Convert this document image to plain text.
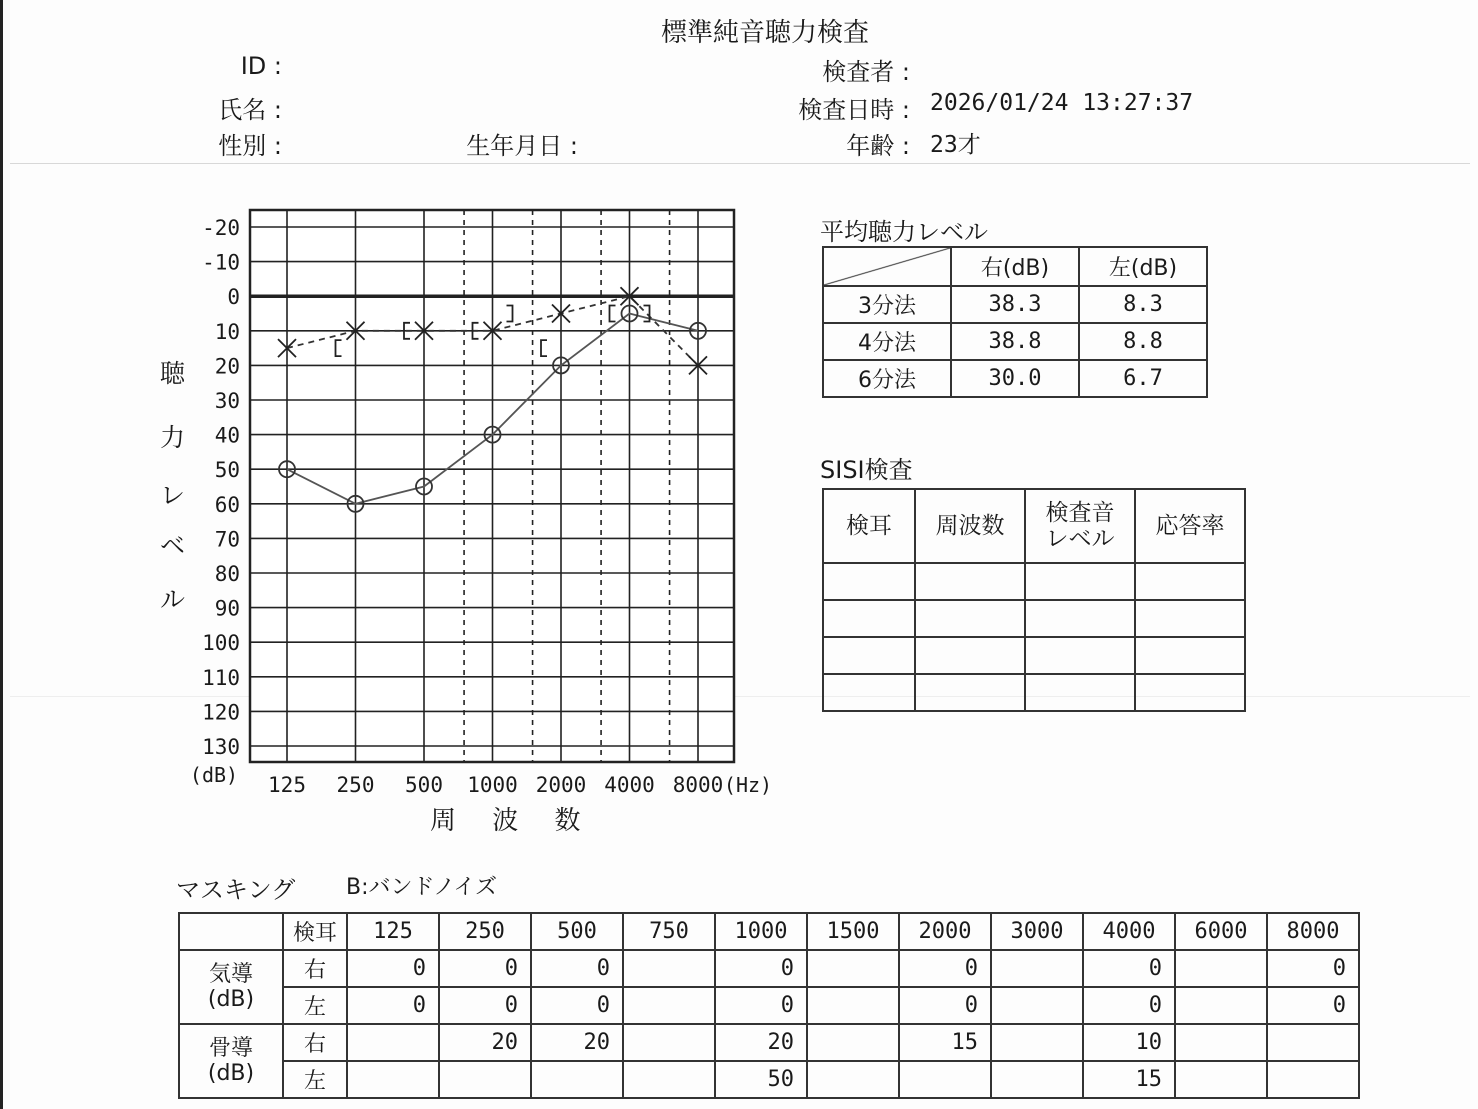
標準純音聴力検査
ID :
氏名 :
性別 :	生年月日 :
検査者 :
検査日時 : 2026/01/24 13:27:37
年齢 : 23才
-20
-10
0
10
20
30
40
50
60
70
80
90
100
110
120
130
125 250 500 1000 2000 4000 8000
(dB)	(Hz)
聴
力
レ
ベ
ル
周 波 数
平均聴力レベル
	右(dB)	左(dB)
3分法	38.3	8.3
4分法	38.8	8.8
6分法	30.0	6.7
SISI検査
検耳	周波数	検査音
レベル	応答率

マスキング B:バンドノイズ
	検耳	125	250	500	750	1000	1500	2000	3000	4000	6000	8000
気導
(dB)	右	0	0	0		0		0		0		0
	左	0	0	0		0		0		0		0
骨導
(dB)	右		20	20		20		15		10		
	左					50				15		
